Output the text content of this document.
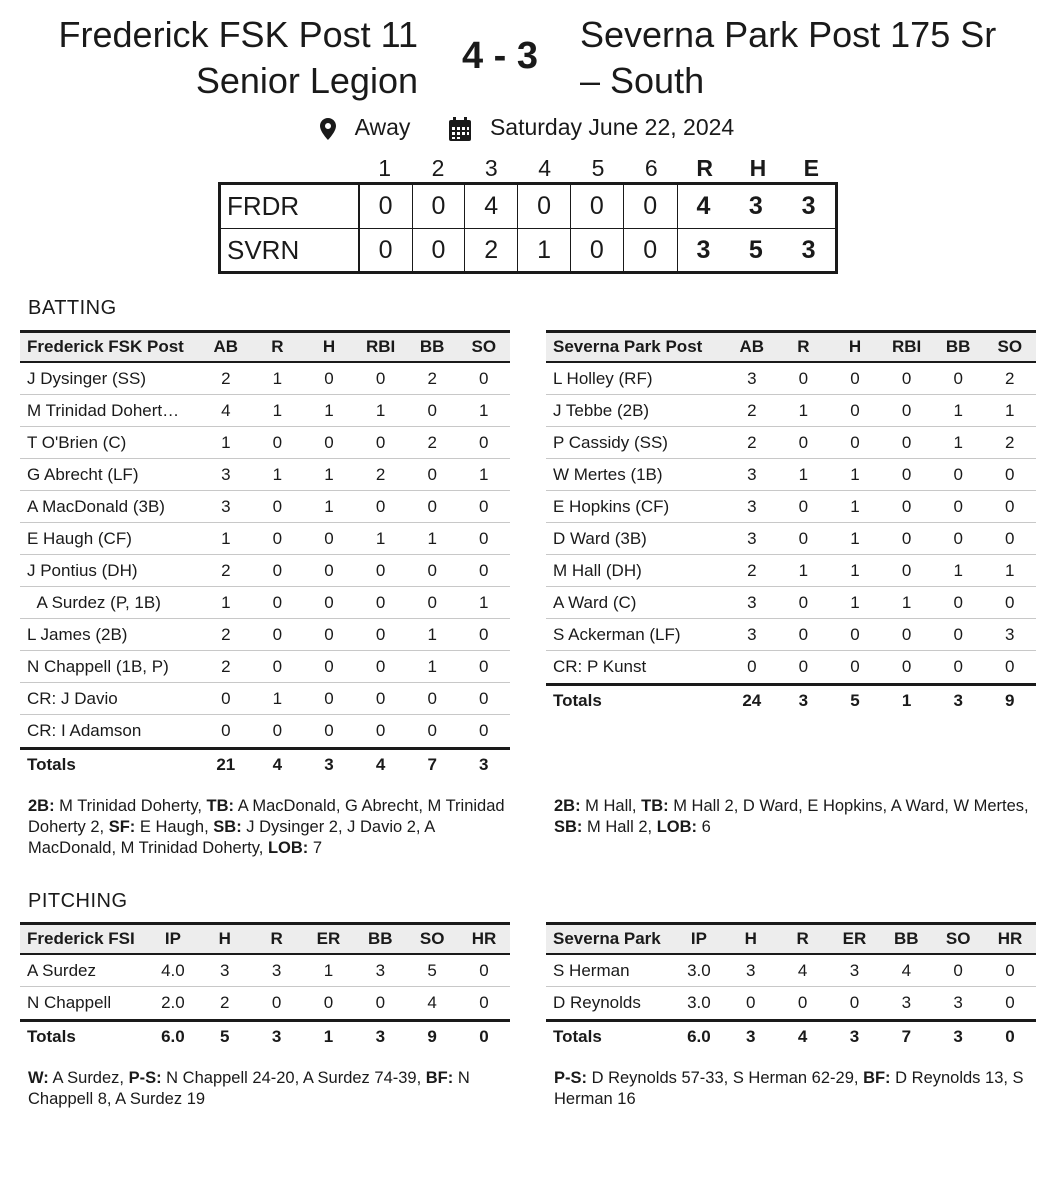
Frederick FSK Post 11
Senior Legion
4 - 3
Severna Park Post 175 Sr
– South
Away	Saturday June 22, 2024
1	2	3	4	5	6	R	H	E
FRDR	0	0	4	0	0	0	4	3	3
SVRN	0	0	2	1	0	0	3	5	3
BATTING
Frederick FSK Post	AB	R	H	RBI	BB	SO
J Dysinger (SS)	2	1	0	0	2	0
M Trinidad Dohert…	4	1	1	1	0	1
T O'Brien (C)	1	0	0	0	2	0
G Abrecht (LF)	3	1	1	2	0	1
A MacDonald (3B)	3	0	1	0	0	0
E Haugh (CF)	1	0	0	1	1	0
J Pontius (DH)	2	0	0	0	0	0
A Surdez (P, 1B)	1	0	0	0	0	1
L James (2B)	2	0	0	0	1	0
N Chappell (1B, P)	2	0	0	0	1	0
CR: J Davio	0	1	0	0	0	0
CR: I Adamson	0	0	0	0	0	0
Totals	21	4	3	4	7	3
Severna Park Post	AB	R	H	RBI	BB	SO
L Holley (RF)	3	0	0	0	0	2
J Tebbe (2B)	2	1	0	0	1	1
P Cassidy (SS)	2	0	0	0	1	2
W Mertes (1B)	3	1	1	0	0	0
E Hopkins (CF)	3	0	1	0	0	0
D Ward (3B)	3	0	1	0	0	0
M Hall (DH)	2	1	1	0	1	1
A Ward (C)	3	0	1	1	0	0
S Ackerman (LF)	3	0	0	0	0	3
CR: P Kunst	0	0	0	0	0	0
Totals	24	3	5	1	3	9
2B: M Trinidad Doherty, TB: A MacDonald, G Abrecht, M Trinidad Doherty 2, SF: E Haugh, SB: J Dysinger 2, J Davio 2, A MacDonald, M Trinidad Doherty, LOB: 7
2B: M Hall, TB: M Hall 2, D Ward, E Hopkins, A Ward, W Mertes, SB: M Hall 2, LOB: 6
PITCHING
Frederick FSI	IP	H	R	ER	BB	SO	HR
A Surdez	4.0	3	3	1	3	5	0
N Chappell	2.0	2	0	0	0	4	0
Totals	6.0	5	3	1	3	9	0
Severna Park	IP	H	R	ER	BB	SO	HR
S Herman	3.0	3	4	3	4	0	0
D Reynolds	3.0	0	0	0	3	3	0
Totals	6.0	3	4	3	7	3	0
W: A Surdez, P-S: N Chappell 24-20, A Surdez 74-39, BF: N Chappell 8, A Surdez 19
P-S: D Reynolds 57-33, S Herman 62-29, BF: D Reynolds 13, S Herman 16
